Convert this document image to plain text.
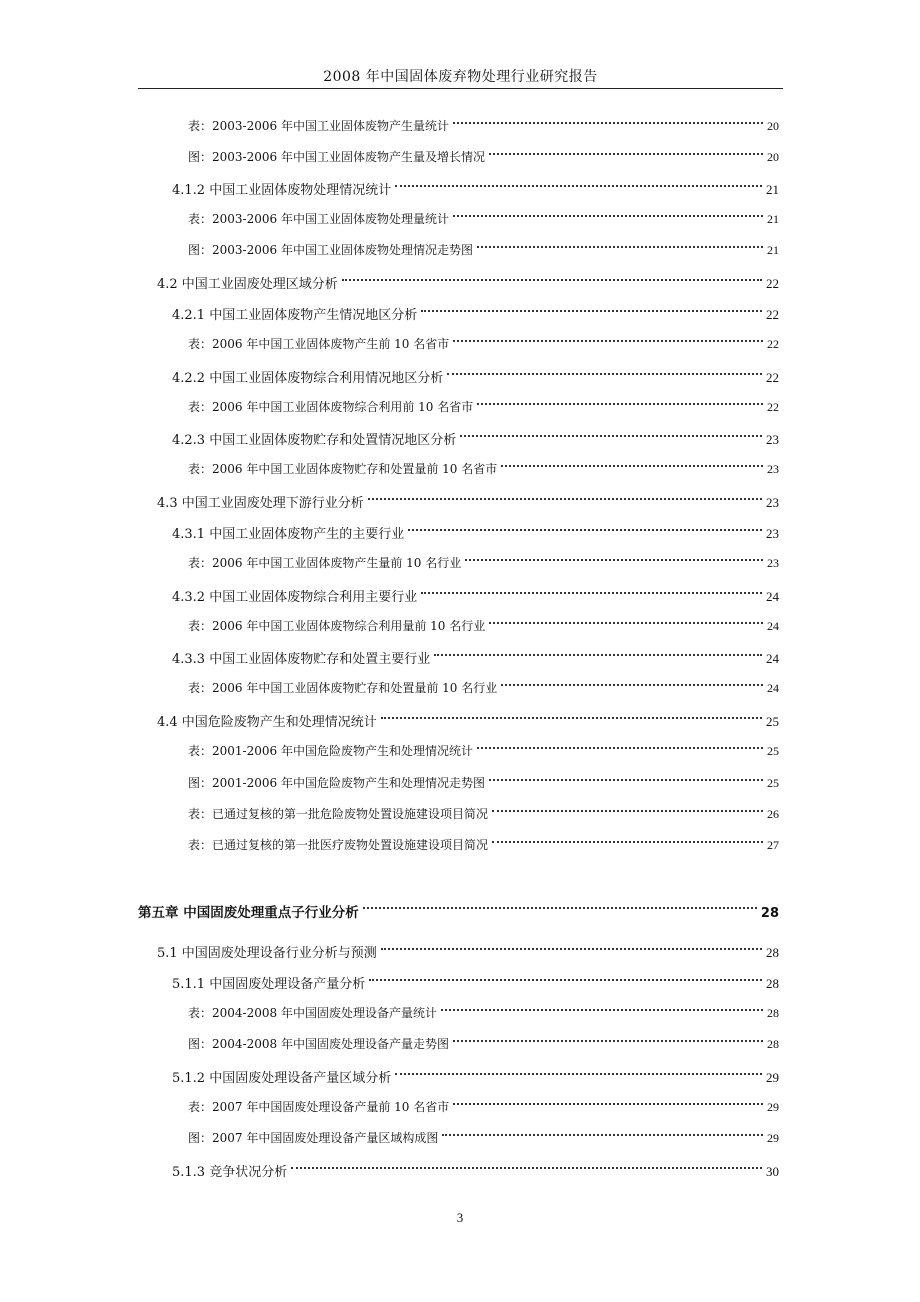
2008 年中国固体废弃物处理行业研究报告
表：2003-2006 年中国工业固体废物产生量统计	20
图：2003-2006 年中国工业固体废物产生量及增长情况	20
4.1.2 中国工业固体废物处理情况统计	21
表：2003-2006 年中国工业固体废物处理量统计	21
图：2003-2006 年中国工业固体废物处理情况走势图	21
4.2 中国工业固废处理区域分析	22
4.2.1 中国工业固体废物产生情况地区分析	22
表：2006 年中国工业固体废物产生前 10 名省市	22
4.2.2 中国工业固体废物综合利用情况地区分析	22
表：2006 年中国工业固体废物综合利用前 10 名省市	22
4.2.3 中国工业固体废物贮存和处置情况地区分析	23
表：2006 年中国工业固体废物贮存和处置量前 10 名省市	23
4.3 中国工业固废处理下游行业分析	23
4.3.1 中国工业固体废物产生的主要行业	23
表：2006 年中国工业固体废物产生量前 10 名行业	23
4.3.2 中国工业固体废物综合利用主要行业	24
表：2006 年中国工业固体废物综合利用量前 10 名行业	24
4.3.3 中国工业固体废物贮存和处置主要行业	24
表：2006 年中国工业固体废物贮存和处置量前 10 名行业	24
4.4 中国危险废物产生和处理情况统计	25
表：2001-2006 年中国危险废物产生和处理情况统计	25
图：2001-2006 年中国危险废物产生和处理情况走势图	25
表：已通过复核的第一批危险废物处置设施建设项目简况	26
表：已通过复核的第一批医疗废物处置设施建设项目简况	27
第五章 中国固废处理重点子行业分析	28
5.1 中国固废处理设备行业分析与预测	28
5.1.1 中国固废处理设备产量分析	28
表：2004-2008 年中国固废处理设备产量统计	28
图：2004-2008 年中国固废处理设备产量走势图	28
5.1.2 中国固废处理设备产量区域分析	29
表：2007 年中国固废处理设备产量前 10 名省市	29
图：2007 年中国固废处理设备产量区域构成图	29
5.1.3 竞争状况分析	30
3
